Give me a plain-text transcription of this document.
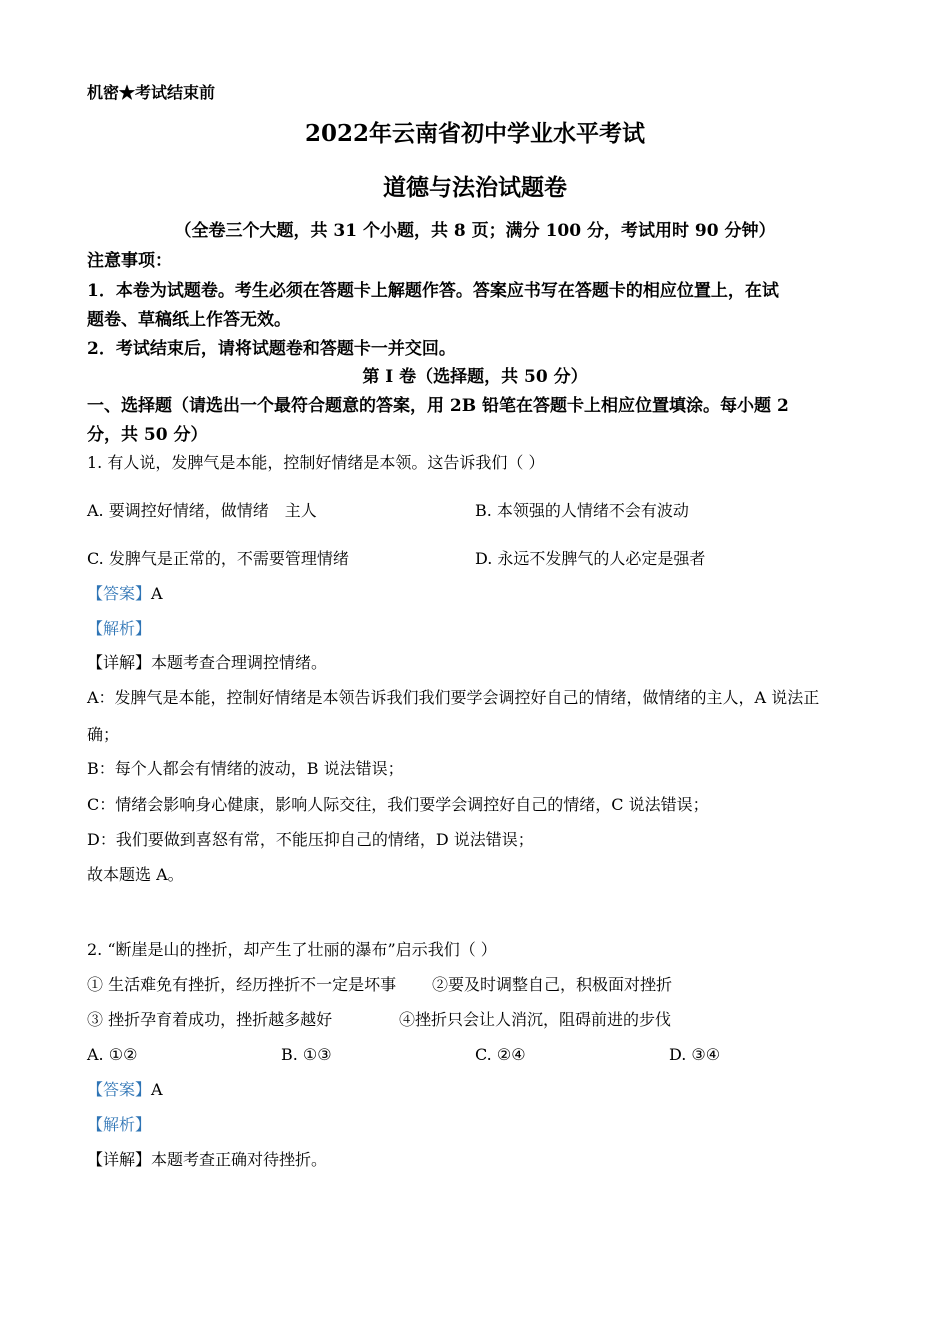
机密★考试结束前
2022年云南省初中学业水平考试
道德与法治试题卷
（全卷三个大题，共 31 个小题，共 8 页；满分 100 分，考试用时 90 分钟）
注意事项：
1．本卷为试题卷。考生必须在答题卡上解题作答。答案应书写在答题卡的相应位置上，在试
题卷、草稿纸上作答无效。
2．考试结束后，请将试题卷和答题卡一并交回。
第 I 卷（选择题，共 50 分）
一、选择题（请选出一个最符合题意的答案，用 2B 铅笔在答题卡上相应位置填涂。每小题 2
分，共 50 分）
1. 有人说，发脾气是本能，控制好情绪是本领。这告诉我们（ ）
A. 要调控好情绪，做情绪　主人	B. 本领强的人情绪不会有波动
C. 发脾气是正常的，不需要管理情绪	D. 永远不发脾气的人必定是强者
【答案】A
【解析】
【详解】本题考查合理调控情绪。
A：发脾气是本能，控制好情绪是本领告诉我们我们要学会调控好自己的情绪，做情绪的主人，A 说法正
确；
B：每个人都会有情绪的波动，B 说法错误；
C：情绪会影响身心健康，影响人际交往，我们要学会调控好自己的情绪，C 说法错误；
D：我们要做到喜怒有常，不能压抑自己的情绪，D 说法错误；
故本题选 A。
2. “断崖是山的挫折，却产生了壮丽的瀑布”启示我们（ ）
① 生活难免有挫折，经历挫折不一定是坏事 ②要及时调整自己，积极面对挫折
③ 挫折孕育着成功，挫折越多越好	④挫折只会让人消沉，阻碍前进的步伐
A. ①②	B. ①③	C. ②④	D. ③④
【答案】A
【解析】
【详解】本题考查正确对待挫折。
